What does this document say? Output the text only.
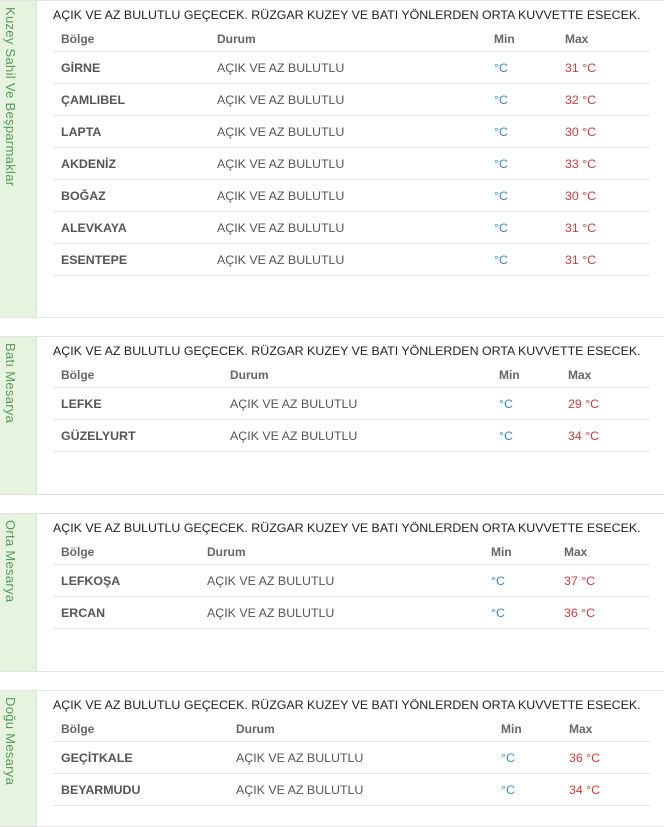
Kuzey Sahil Ve Beşparmaklar	AÇIK VE AZ BULUTLU GEÇECEK. RÜZGAR KUZEY VE BATI YÖNLERDEN ORTA KUVVETTE ESECEK.
Bölge	Durum	Min	Max
GİRNE	AÇIK VE AZ BULUTLU	°C	31 °C
ÇAMLIBEL	AÇIK VE AZ BULUTLU	°C	32 °C
LAPTA	AÇIK VE AZ BULUTLU	°C	30 °C
AKDENİZ	AÇIK VE AZ BULUTLU	°C	33 °C
BOĞAZ	AÇIK VE AZ BULUTLU	°C	30 °C
ALEVKAYA	AÇIK VE AZ BULUTLU	°C	31 °C
ESENTEPE	AÇIK VE AZ BULUTLU	°C	31 °C
Batı Mesarya	AÇIK VE AZ BULUTLU GEÇECEK. RÜZGAR KUZEY VE BATI YÖNLERDEN ORTA KUVVETTE ESECEK.
Bölge	Durum	Min	Max
LEFKE	AÇIK VE AZ BULUTLU	°C	29 °C
GÜZELYURT	AÇIK VE AZ BULUTLU	°C	34 °C
Orta Mesarya	AÇIK VE AZ BULUTLU GEÇECEK. RÜZGAR KUZEY VE BATI YÖNLERDEN ORTA KUVVETTE ESECEK.
Bölge	Durum	Min	Max
LEFKOŞA	AÇIK VE AZ BULUTLU	°C	37 °C
ERCAN	AÇIK VE AZ BULUTLU	°C	36 °C
Doğu Mesarya	AÇIK VE AZ BULUTLU GEÇECEK. RÜZGAR KUZEY VE BATI YÖNLERDEN ORTA KUVVETTE ESECEK.
Bölge	Durum	Min	Max
GEÇİTKALE	AÇIK VE AZ BULUTLU	°C	36 °C
BEYARMUDU	AÇIK VE AZ BULUTLU	°C	34 °C
